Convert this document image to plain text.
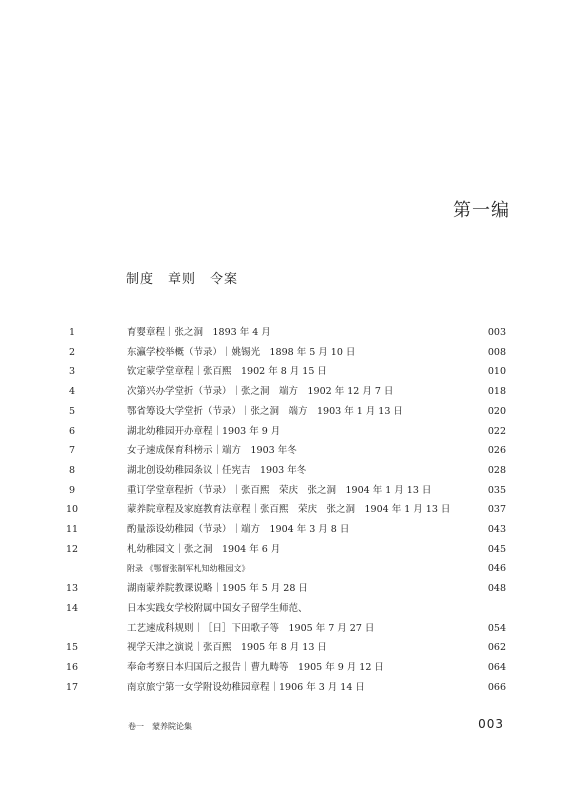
第一编
制度　章则　令案
1	育婴章程｜张之洞　1893 年 4 月	003
2	东瀛学校举概（节录）｜姚锡光　1898 年 5 月 10 日	008
3	钦定蒙学堂章程｜张百熙　1902 年 8 月 15 日	010
4	次第兴办学堂折（节录）｜张之洞　端方　1902 年 12 月 7 日	018
5	鄂省筹设大学堂折（节录）｜张之洞　端方　1903 年 1 月 13 日	020
6	湖北幼稚园开办章程｜1903 年 9 月	022
7	女子速成保育科榜示｜端方　1903 年冬	026
8	湖北创设幼稚园条议｜任宪吉　1903 年冬	028
9	重订学堂章程折（节录）｜张百熙　荣庆　张之洞　1904 年 1 月 13 日	035
10	蒙养院章程及家庭教育法章程｜张百熙　荣庆　张之洞　1904 年 1 月 13 日	037
11	酌量添设幼稚园（节录）｜端方　1904 年 3 月 8 日	043
12	札幼稚园文｜张之洞　1904 年 6 月	045
附录 《鄂督张制军札知幼稚园文》	046
13	湖南蒙养院教课说略｜1905 年 5 月 28 日	048
14	日本实践女学校附属中国女子留学生师范、
工艺速成科规则｜［日］下田歌子等　1905 年 7 月 27 日	054
15	视学天津之演说｜张百熙　1905 年 8 月 13 日	062
16	奉命考察日本归国后之报告｜曹九畴等　1905 年 9 月 12 日	064
17	南京旅宁第一女学附设幼稚园章程｜1906 年 3 月 14 日	066
卷一　蒙养院论集	003
